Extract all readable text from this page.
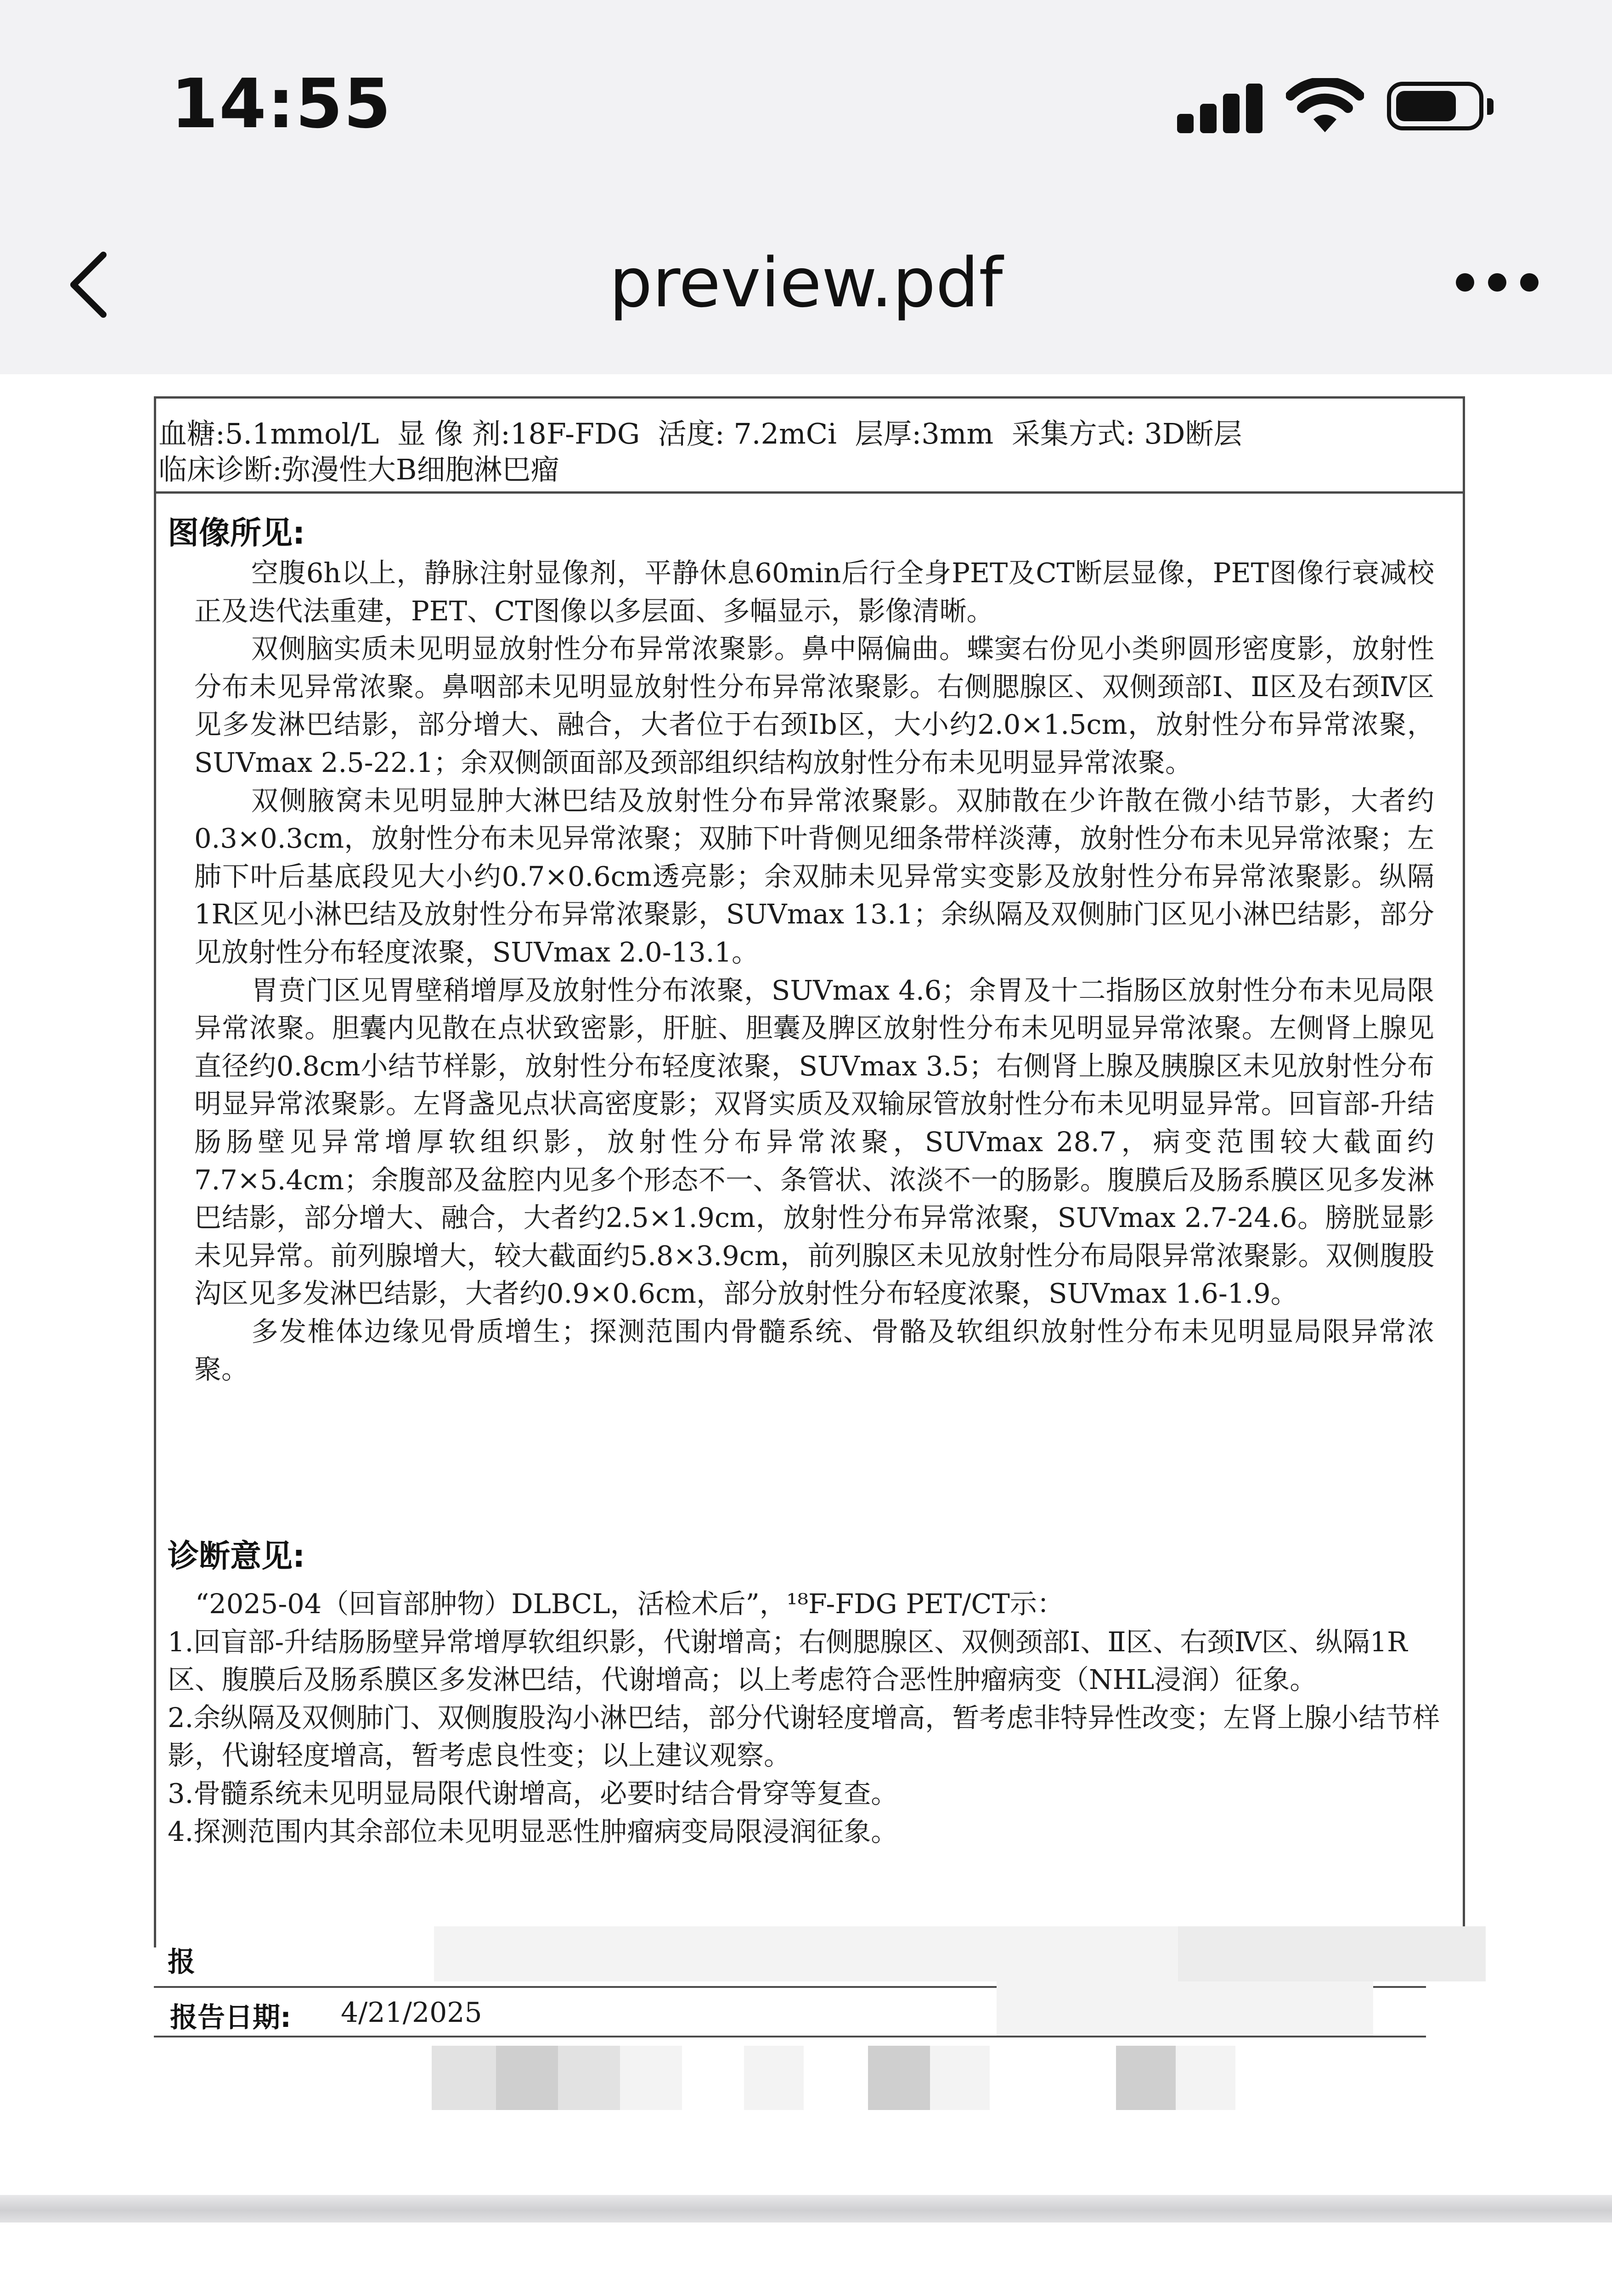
14:55
preview.pdf
血糖:5.1mmol/L  显 像 剂:18F-FDG  活度: 7.2mCi  层厚:3mm  采集方式: 3D断层
临床诊断:弥漫性大B细胞淋巴瘤
图像所见:

空腹6h以上，静脉注射显像剂，平静休息60min后行全身PET及CT断层显像，PET图像行衰减校正及迭代法重建，PET、CT图像以多层面、多幅显示，影像清晰。

双侧脑实质未见明显放射性分布异常浓聚影。鼻中隔偏曲。蝶窦右份见小类卵圆形密度影，放射性分布未见异常浓聚。鼻咽部未见明显放射性分布异常浓聚影。右侧腮腺区、双侧颈部Ⅰ、Ⅱ区及右颈Ⅳ区见多发淋巴结影，部分增大、融合，大者位于右颈Ⅰb区，大小约2.0×1.5cm，放射性分布异常浓聚，SUVmax 2.5-22.1；余双侧颌面部及颈部组织结构放射性分布未见明显异常浓聚。

双侧腋窝未见明显肿大淋巴结及放射性分布异常浓聚影。双肺散在少许散在微小结节影，大者约0.3×0.3cm，放射性分布未见异常浓聚；双肺下叶背侧见细条带样淡薄，放射性分布未见异常浓聚；左肺下叶后基底段见大小约0.7×0.6cm透亮影；余双肺未见异常实变影及放射性分布异常浓聚影。纵隔1R区见小淋巴结及放射性分布异常浓聚影，SUVmax 13.1；余纵隔及双侧肺门区见小淋巴结影，部分见放射性分布轻度浓聚，SUVmax 2.0-13.1。

胃贲门区见胃壁稍增厚及放射性分布浓聚，SUVmax 4.6；余胃及十二指肠区放射性分布未见局限异常浓聚。胆囊内见散在点状致密影，肝脏、胆囊及脾区放射性分布未见明显异常浓聚。左侧肾上腺见直径约0.8cm小结节样影，放射性分布轻度浓聚，SUVmax 3.5；右侧肾上腺及胰腺区未见放射性分布明显异常浓聚影。左肾盏见点状高密度影；双肾实质及双输尿管放射性分布未见明显异常。回盲部-升结肠肠壁见异常增厚软组织影，放射性分布异常浓聚，SUVmax 28.7，病变范围较大截面约7.7×5.4cm；余腹部及盆腔内见多个形态不一、条管状、浓淡不一的肠影。腹膜后及肠系膜区见多发淋巴结影，部分增大、融合，大者约2.5×1.9cm，放射性分布异常浓聚，SUVmax 2.7-24.6。膀胱显影未见异常。前列腺增大，较大截面约5.8×3.9cm，前列腺区未见放射性分布局限异常浓聚影。双侧腹股沟区见多发淋巴结影，大者约0.9×0.6cm，部分放射性分布轻度浓聚，SUVmax 1.6-1.9。

多发椎体边缘见骨质增生；探测范围内骨髓系统、骨骼及软组织放射性分布未见明显局限异常浓聚。

诊断意见:

“2025-04（回盲部肿物）DLBCL，活检术后”，¹⁸F-FDG PET/CT示：

1.回盲部-升结肠肠壁异常增厚软组织影，代谢增高；右侧腮腺区、双侧颈部Ⅰ、Ⅱ区、右颈Ⅳ区、纵隔1R区、腹膜后及肠系膜区多发淋巴结，代谢增高；以上考虑符合恶性肿瘤病变（NHL浸润）征象。

2.余纵隔及双侧肺门、双侧腹股沟小淋巴结，部分代谢轻度增高，暂考虑非特异性改变；左肾上腺小结节样影，代谢轻度增高，暂考虑良性变；以上建议观察。

3.骨髓系统未见明显局限代谢增高，必要时结合骨穿等复查。

4.探测范围内其余部位未见明显恶性肿瘤病变局限浸润征象。

报
报告日期: 4/21/2025
